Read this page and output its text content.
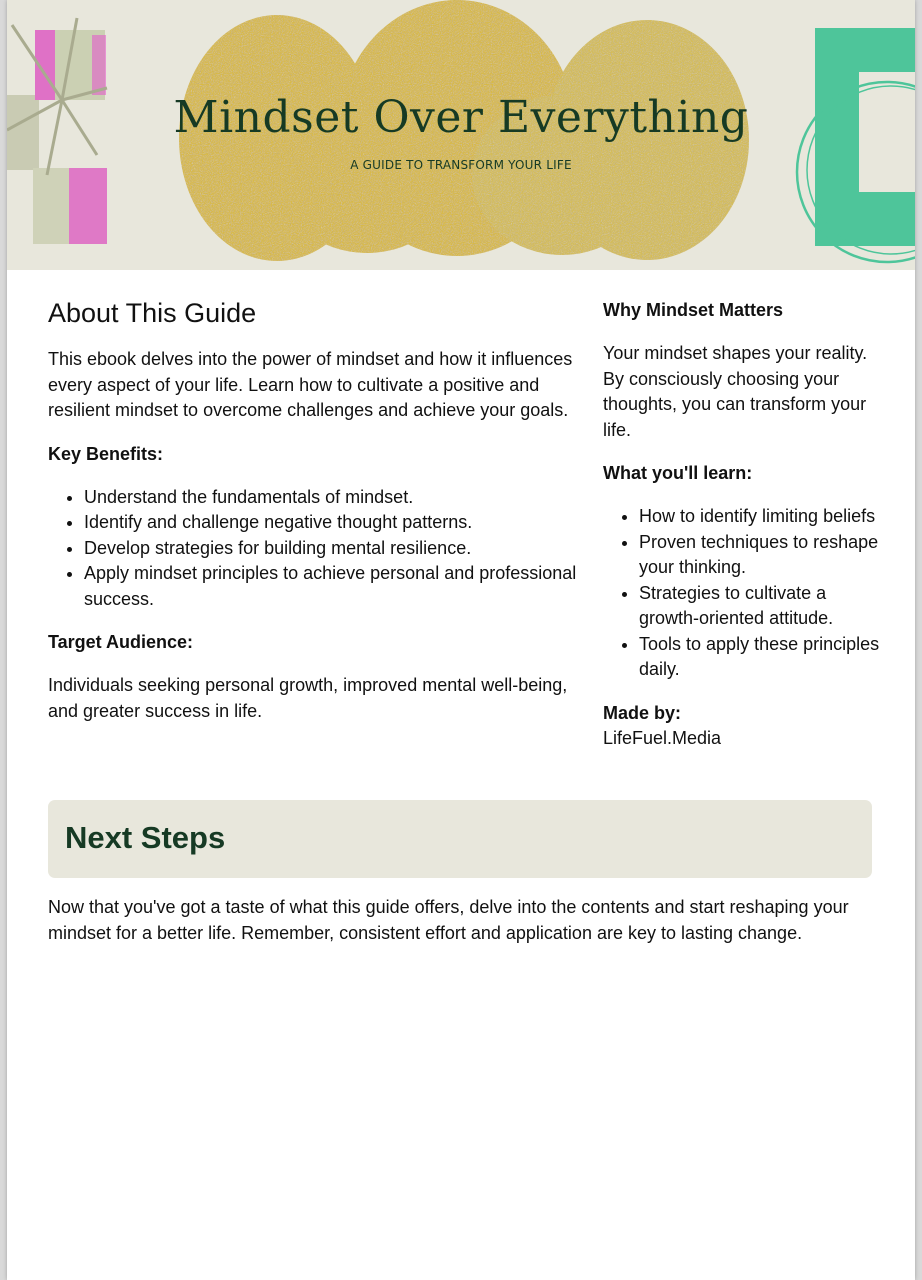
Mindset Over Everything
A GUIDE TO TRANSFORM YOUR LIFE
About This Guide

This ebook delves into the power of mindset and how it influences every aspect of your life. Learn how to cultivate a positive and resilient mindset to overcome challenges and achieve your goals.

Key Benefits:
• Understand the fundamentals of mindset.
• Identify and challenge negative thought patterns.
• Develop strategies for building mental resilience.
• Apply mindset principles to achieve personal and professional success.
Target Audience:

Individuals seeking personal growth, improved mental well-being, and greater success in life.

Why Mindset Matters

Your mindset shapes your reality. By consciously choosing your thoughts, you can transform your life.

What you'll learn:
• How to identify limiting beliefs
• Proven techniques to reshape your thinking.
• Strategies to cultivate a growth-oriented attitude.
• Tools to apply these principles daily.
Made by:
LifeFuel.Media
Next Steps

Now that you've got a taste of what this guide offers, delve into the contents and start reshaping your mindset for a better life. Remember, consistent effort and application are key to lasting change.
